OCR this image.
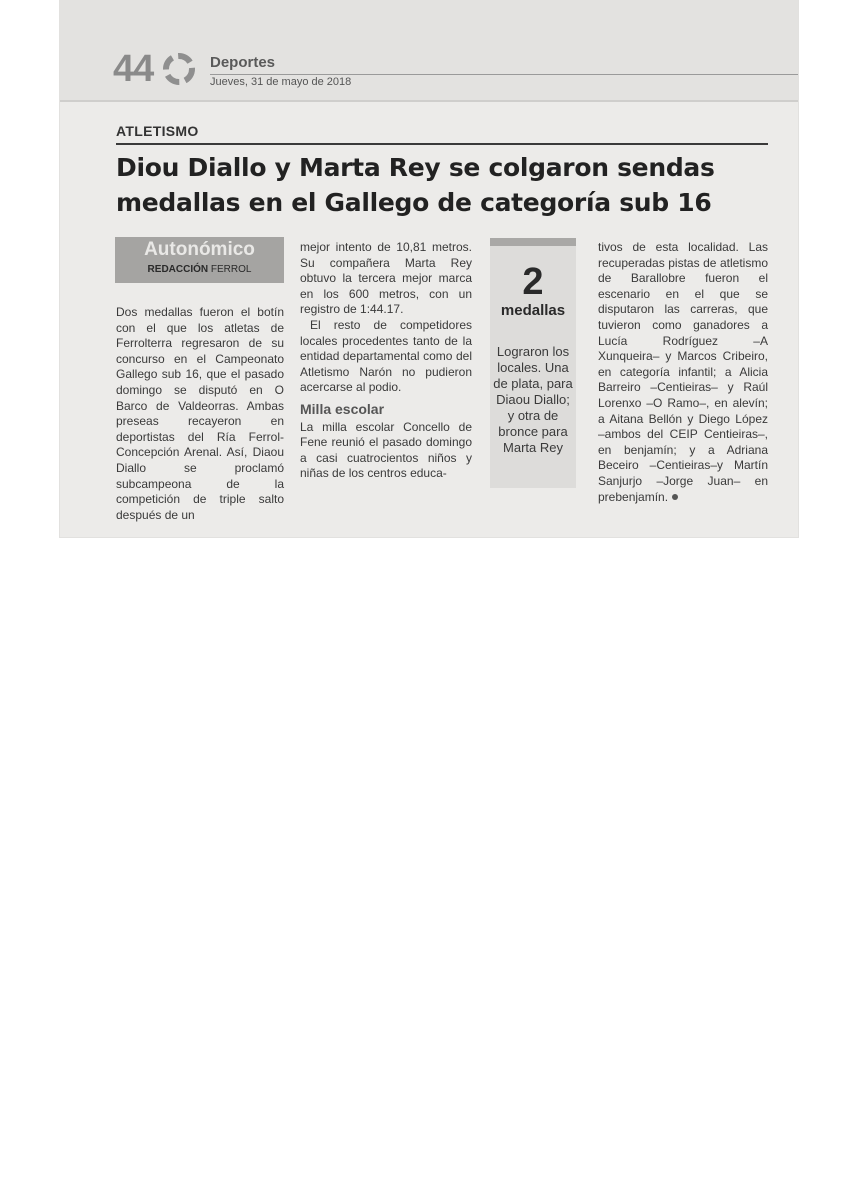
44	Deportes
Jueves, 31 de mayo de 2018
ATLETISMO
Diou Diallo y Marta Rey se colgaron sendas medallas en el Gallego de categoría sub 16
Autonómico
REDACCIÓN FERROL

Dos medallas fueron el botín con el que los atletas de Ferrolterra regresaron de su concurso en el Campeonato Gallego sub 16, que el pasado domingo se disputó en O Barco de Valdeorras. Ambas preseas recayeron en deportistas del Ría Ferrol-Concepción Arenal. Así, Diaou Diallo se proclamó subcampeona de la competición de triple salto después de un

mejor intento de 10,81 metros. Su compañera Marta Rey obtuvo la tercera mejor marca en los 600 metros, con un registro de 1:44.17.

El resto de competidores locales procedentes tanto de la entidad departamental como del Atletismo Narón no pudieron acercarse al podio.

Milla escolar

La milla escolar Concello de Fene reunió el pasado domingo a casi cuatrocientos niños y niñas de los centros educa-

2
medallas
Lograron los locales. Una de plata, para Diaou Diallo; y otra de bronce para Marta Rey

tivos de esta localidad. Las recuperadas pistas de atletismo de Barallobre fueron el escenario en el que se disputaron las carreras, que tuvieron como ganadores a Lucía Rodríguez –A Xunqueira– y Marcos Cribeiro, en categoría infantil; a Alicia Barreiro –Centieiras– y Raúl Lorenxo –O Ramo–, en alevín; a Aitana Bellón y Diego López –ambos del CEIP Centieiras–, en benjamín; y a Adriana Beceiro –Centieiras–y Martín Sanjurjo –Jorge Juan– en prebenjamín.
